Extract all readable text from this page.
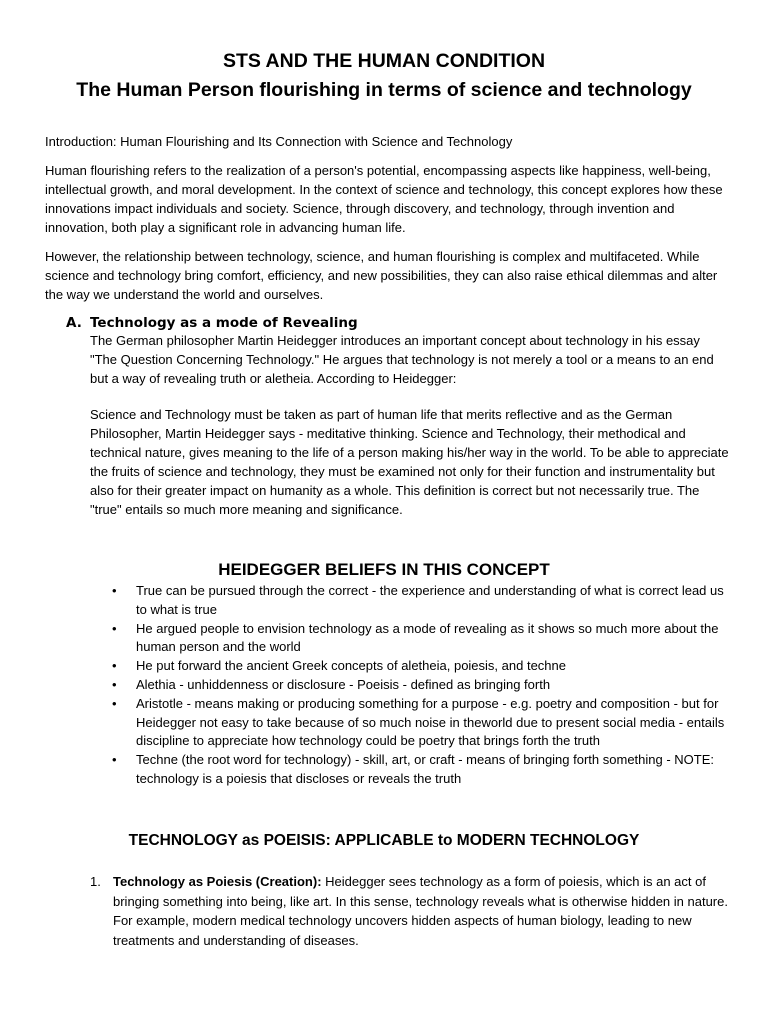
STS AND THE HUMAN CONDITION
The Human Person flourishing in terms of science and technology
Introduction: Human Flourishing and Its Connection with Science and Technology
Human flourishing refers to the realization of a person's potential, encompassing aspects like happiness, well-being, intellectual growth, and moral development. In the context of science and technology, this concept explores how these innovations impact individuals and society. Science, through discovery, and technology, through invention and innovation, both play a significant role in advancing human life.
However, the relationship between technology, science, and human flourishing is complex and multifaceted. While science and technology bring comfort, efficiency, and new possibilities, they can also raise ethical dilemmas and alter the way we understand the world and ourselves.
A. Technology as a mode of Revealing
The German philosopher Martin Heidegger introduces an important concept about technology in his essay "The Question Concerning Technology." He argues that technology is not merely a tool or a means to an end but a way of revealing truth or aletheia. According to Heidegger:
Science and Technology must be taken as part of human life that merits reflective and as the German Philosopher, Martin Heidegger says - meditative thinking. Science and Technology, their methodical and technical nature, gives meaning to the life of a person making his/her way in the world. To be able to appreciate the fruits of science and technology, they must be examined not only for their function and instrumentality but also for their greater impact on humanity as a whole. This definition is correct but not necessarily true. The "true" entails so much more meaning and significance.
HEIDEGGER BELIEFS IN THIS CONCEPT
• True can be pursued through the correct - the experience and understanding of what is correct lead us to what is true
• He argued people to envision technology as a mode of revealing as it shows so much more about the human person and the world
• He put forward the ancient Greek concepts of aletheia, poiesis, and techne
• Alethia - unhiddenness or disclosure - Poeisis - defined as bringing forth
• Aristotle - means making or producing something for a purpose - e.g. poetry and composition - but for Heidegger not easy to take because of so much noise in theworld due to present social media - entails discipline to appreciate how technology could be poetry that brings forth the truth
• Techne (the root word for technology) - skill, art, or craft - means of bringing forth something - NOTE: technology is a poiesis that discloses or reveals the truth
TECHNOLOGY as POEISIS: APPLICABLE to MODERN TECHNOLOGY
1. Technology as Poiesis (Creation): Heidegger sees technology as a form of poiesis, which is an act of bringing something into being, like art. In this sense, technology reveals what is otherwise hidden in nature. For example, modern medical technology uncovers hidden aspects of human biology, leading to new treatments and understanding of diseases.
